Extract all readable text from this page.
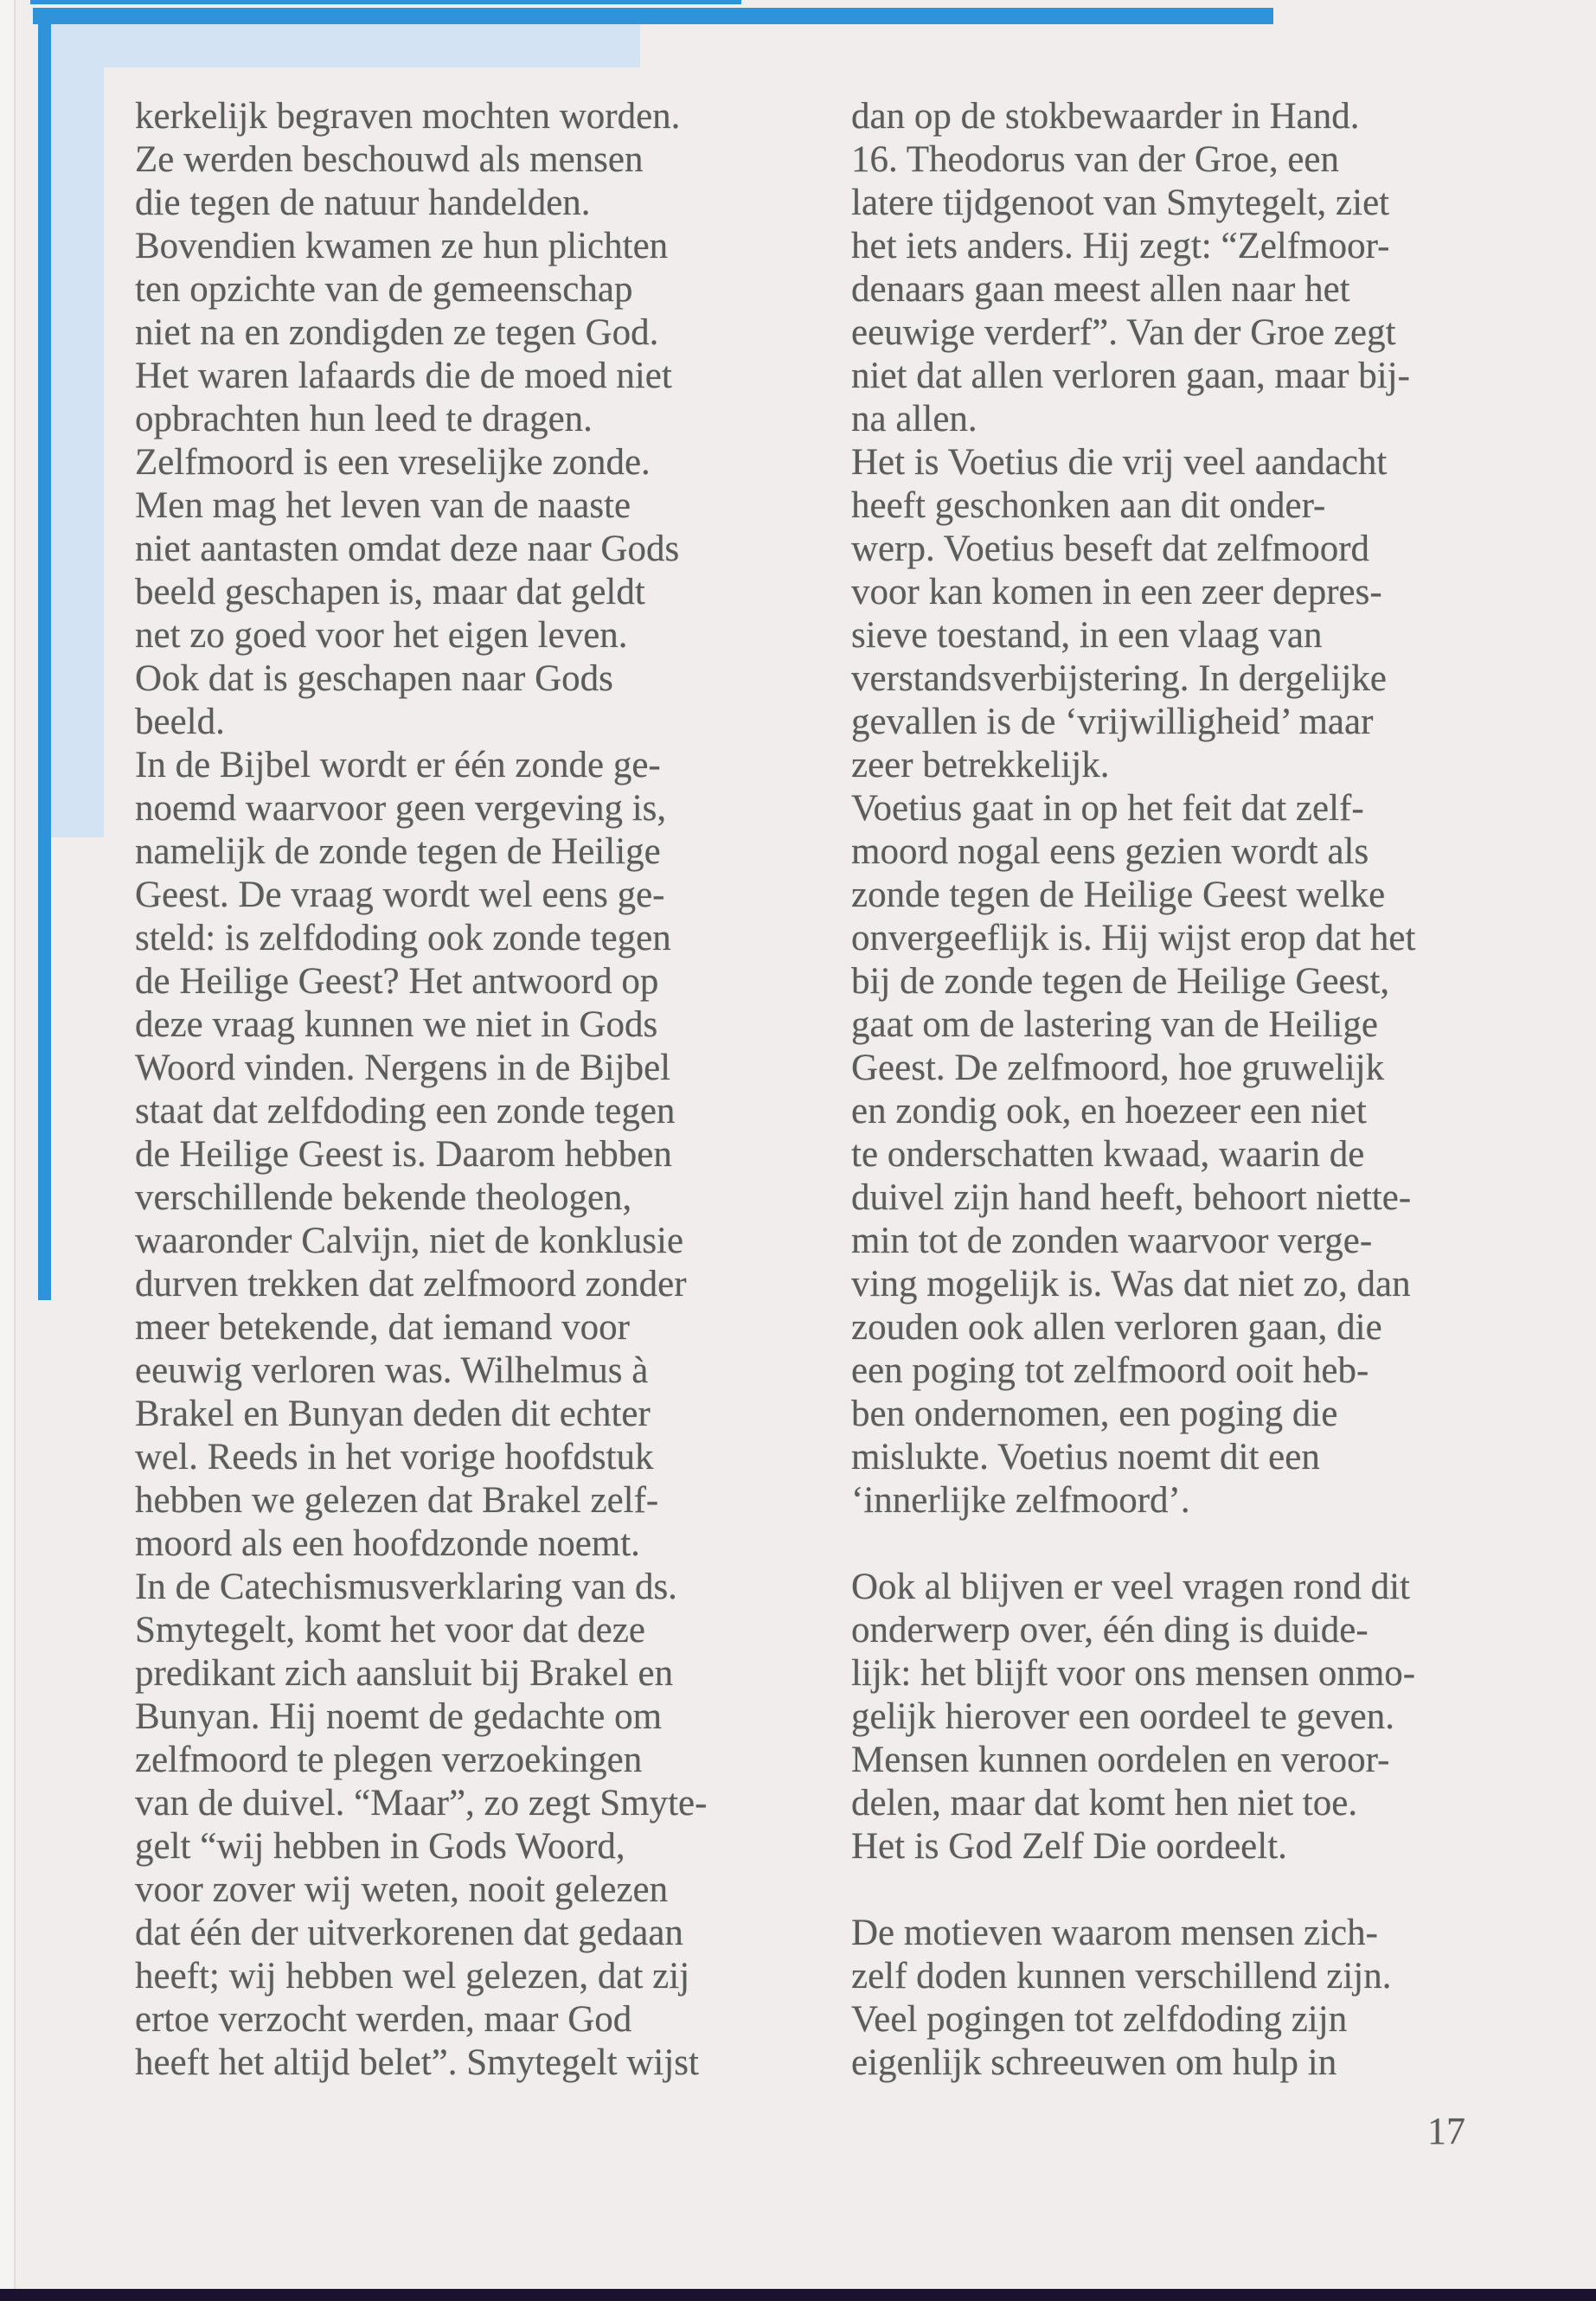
kerkelijk begraven mochten worden.
Ze werden beschouwd als mensen
die tegen de natuur handelden.
Bovendien kwamen ze hun plichten
ten opzichte van de gemeenschap
niet na en zondigden ze tegen God.
Het waren lafaards die de moed niet
opbrachten hun leed te dragen.
Zelfmoord is een vreselijke zonde.
Men mag het leven van de naaste
niet aantasten omdat deze naar Gods
beeld geschapen is, maar dat geldt
net zo goed voor het eigen leven.
Ook dat is geschapen naar Gods
beeld.
In de Bijbel wordt er één zonde ge-
noemd waarvoor geen vergeving is,
namelijk de zonde tegen de Heilige
Geest. De vraag wordt wel eens ge-
steld: is zelfdoding ook zonde tegen
de Heilige Geest? Het antwoord op
deze vraag kunnen we niet in Gods
Woord vinden. Nergens in de Bijbel
staat dat zelfdoding een zonde tegen
de Heilige Geest is. Daarom hebben
verschillende bekende theologen,
waaronder Calvijn, niet de konklusie
durven trekken dat zelfmoord zonder
meer betekende, dat iemand voor
eeuwig verloren was. Wilhelmus à
Brakel en Bunyan deden dit echter
wel. Reeds in het vorige hoofdstuk
hebben we gelezen dat Brakel zelf-
moord als een hoofdzonde noemt.
In de Catechismusverklaring van ds.
Smytegelt, komt het voor dat deze
predikant zich aansluit bij Brakel en
Bunyan. Hij noemt de gedachte om
zelfmoord te plegen verzoekingen
van de duivel. “Maar”, zo zegt Smyte-
gelt “wij hebben in Gods Woord,
voor zover wij weten, nooit gelezen
dat één der uitverkorenen dat gedaan
heeft; wij hebben wel gelezen, dat zij
ertoe verzocht werden, maar God
heeft het altijd belet”. Smytegelt wijst
dan op de stokbewaarder in Hand.
16. Theodorus van der Groe, een
latere tijdgenoot van Smytegelt, ziet
het iets anders. Hij zegt: “Zelfmoor-
denaars gaan meest allen naar het
eeuwige verderf”. Van der Groe zegt
niet dat allen verloren gaan, maar bij-
na allen.
Het is Voetius die vrij veel aandacht
heeft geschonken aan dit onder-
werp. Voetius beseft dat zelfmoord
voor kan komen in een zeer depres-
sieve toestand, in een vlaag van
verstandsverbijstering. In dergelijke
gevallen is de ‘vrijwilligheid’ maar
zeer betrekkelijk.
Voetius gaat in op het feit dat zelf-
moord nogal eens gezien wordt als
zonde tegen de Heilige Geest welke
onvergeeflijk is. Hij wijst erop dat het
bij de zonde tegen de Heilige Geest,
gaat om de lastering van de Heilige
Geest. De zelfmoord, hoe gruwelijk
en zondig ook, en hoezeer een niet
te onderschatten kwaad, waarin de
duivel zijn hand heeft, behoort niette-
min tot de zonden waarvoor verge-
ving mogelijk is. Was dat niet zo, dan
zouden ook allen verloren gaan, die
een poging tot zelfmoord ooit heb-
ben ondernomen, een poging die
mislukte. Voetius noemt dit een
‘innerlijke zelfmoord’.

Ook al blijven er veel vragen rond dit
onderwerp over, één ding is duide-
lijk: het blijft voor ons mensen onmo-
gelijk hierover een oordeel te geven.
Mensen kunnen oordelen en veroor-
delen, maar dat komt hen niet toe.
Het is God Zelf Die oordeelt.

De motieven waarom mensen zich-
zelf doden kunnen verschillend zijn.
Veel pogingen tot zelfdoding zijn
eigenlijk schreeuwen om hulp in
17
